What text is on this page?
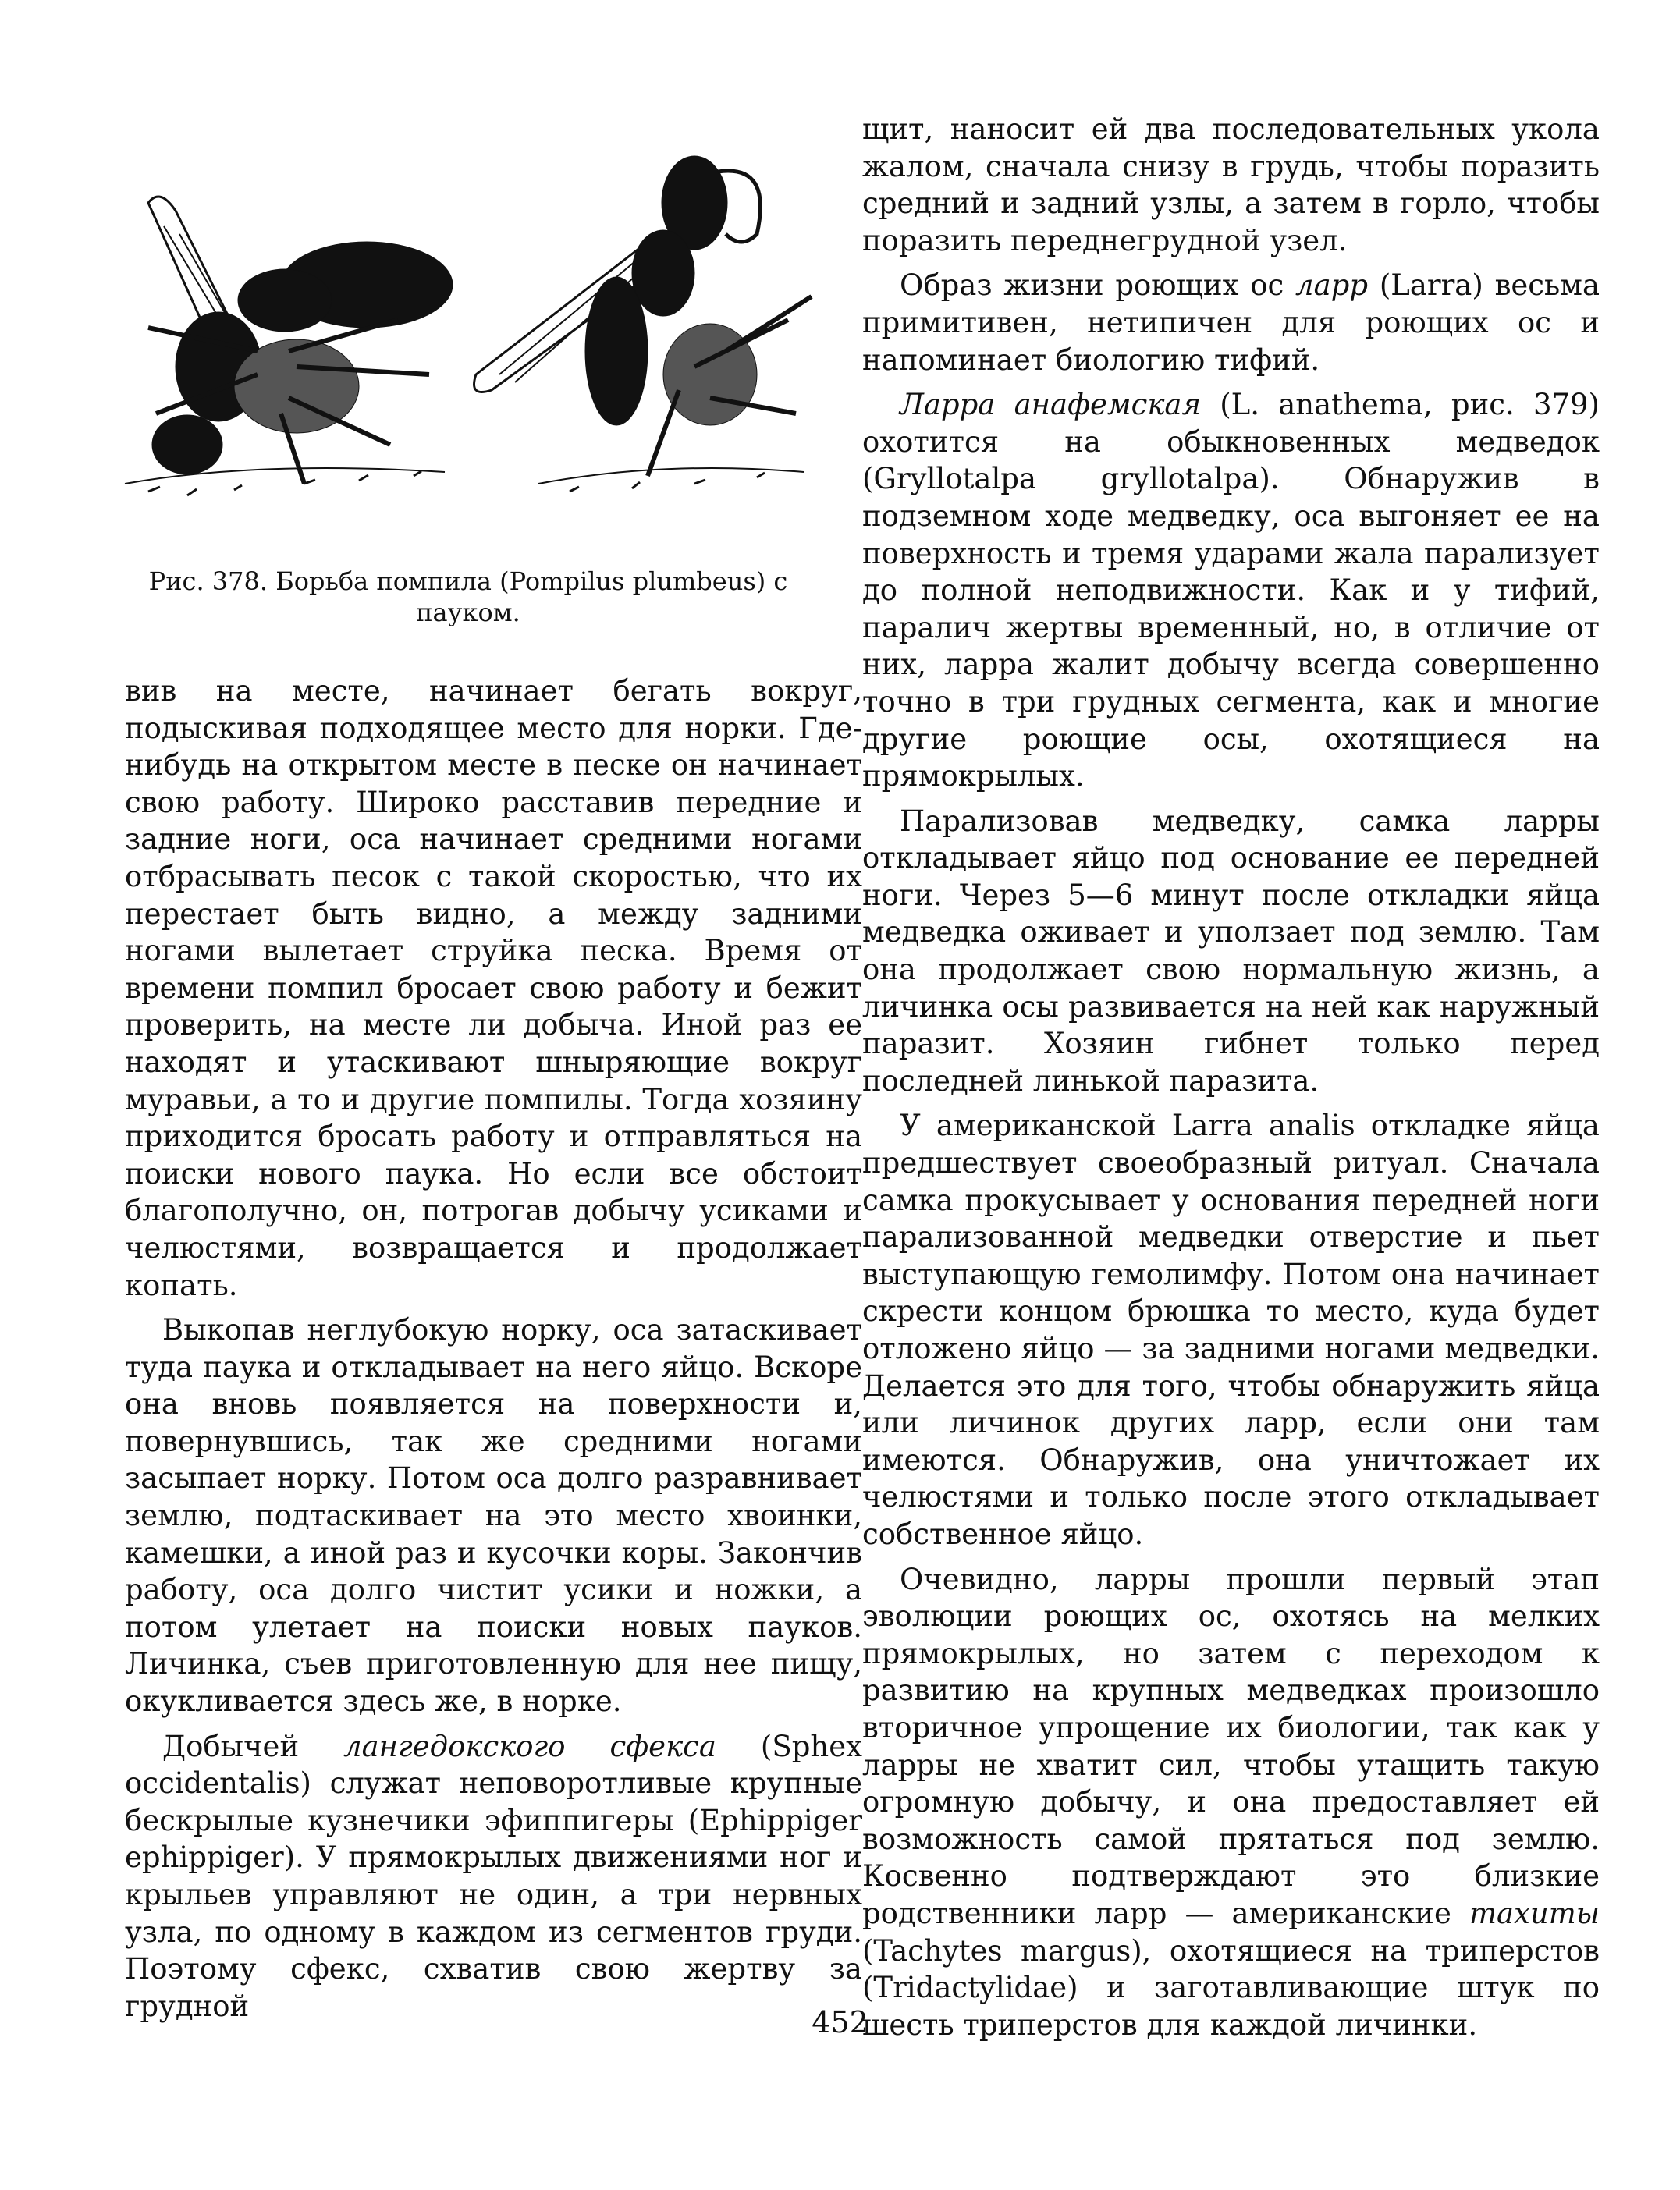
Рис. 378. Борьба помпила (Pompilus plumbeus) с пауком.

вив на месте, начинает бегать вокруг, подыскивая подходящее место для норки. Где-нибудь на открытом месте в песке он начинает свою работу. Широко расставив передние и задние ноги, оса начинает средними ногами отбрасывать песок с такой скоростью, что их перестает быть видно, а между задними ногами вылетает струйка песка. Время от времени помпил бросает свою работу и бежит проверить, на месте ли добыча. Иной раз ее находят и утаскивают шныряющие вокруг муравьи, а то и другие помпилы. Тогда хозяину приходится бросать работу и отправляться на поиски нового паука. Но если все обстоит благополучно, он, потрогав добычу усиками и челюстями, возвращается и продолжает копать.

Выкопав неглубокую норку, оса затаскивает туда паука и откладывает на него яйцо. Вскоре она вновь появляется на поверхности и, повернувшись, так же средними ногами засыпает норку. Потом оса долго разравнивает землю, подтаскивает на это место хвоинки, камешки, а иной раз и кусочки коры. Закончив работу, оса долго чистит усики и ножки, а потом улетает на поиски новых пауков. Личинка, съев приготовленную для нее пищу, окукливается здесь же, в норке.

Добычей лангедокского сфекса (Sphex occidentalis) служат неповоротливые крупные бескрылые кузнечики эфиппигеры (Ephippiger ephippiger). У прямокрылых движениями ног и крыльев управляют не один, а три нервных узла, по одному в каждом из сегментов груди. Поэтому сфекс, схватив свою жертву за грудной

щит, наносит ей два последовательных укола жалом, сначала снизу в грудь, чтобы поразить средний и задний узлы, а затем в горло, чтобы поразить переднегрудной узел.

Образ жизни роющих ос ларр (Larra) весьма примитивен, нетипичен для роющих ос и напоминает биологию тифий.

Ларра анафемская (L. anathema, рис. 379) охотится на обыкновенных медведок (Gryllotalpa gryllotalpa). Обнаружив в подземном ходе медведку, оса выгоняет ее на поверхность и тремя ударами жала парализует до полной неподвижности. Как и у тифий, паралич жертвы временный, но, в отличие от них, ларра жалит добычу всегда совершенно точно в три грудных сегмента, как и многие другие роющие осы, охотящиеся на прямокрылых.

Парализовав медведку, самка ларры откладывает яйцо под основание ее передней ноги. Через 5—6 минут после откладки яйца медведка оживает и уползает под землю. Там она продолжает свою нормальную жизнь, а личинка осы развивается на ней как наружный паразит. Хозяин гибнет только перед последней линькой паразита.

У американской Larra analis откладке яйца предшествует своеобразный ритуал. Сначала самка прокусывает у основания передней ноги парализованной медведки отверстие и пьет выступающую гемолимфу. Потом она начинает скрести концом брюшка то место, куда будет отложено яйцо — за задними ногами медведки. Делается это для того, чтобы обнаружить яйца или личинок других ларр, если они там имеются. Обнаружив, она уничтожает их челюстями и только после этого откладывает собственное яйцо.

Очевидно, ларры прошли первый этап эволюции роющих ос, охотясь на мелких прямокрылых, но затем с переходом к развитию на крупных медведках произошло вторичное упрощение их биологии, так как у ларры не хватит сил, чтобы утащить такую огромную добычу, и она предоставляет ей возможность самой прятаться под землю. Косвенно подтверждают это близкие родственники ларр — американские тахиты (Tachytes margus), охотящиеся на триперстов (Tridactylidae) и заготавливающие штук по шесть триперстов для каждой личинки.

452
